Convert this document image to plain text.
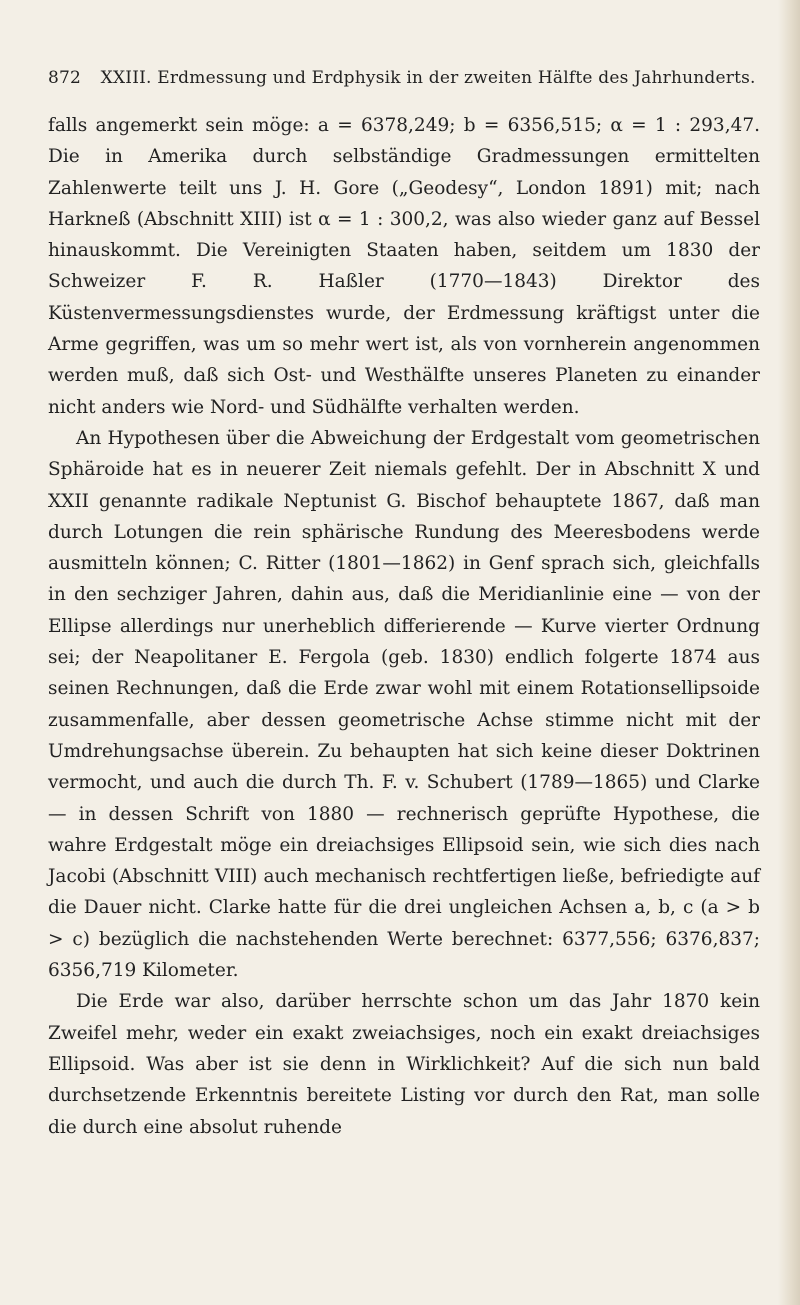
872 XXIII. Erdmessung und Erdphysik in der zweiten Hälfte des Jahrhunderts.

falls angemerkt sein möge: a = 6378,249; b = 6356,515; α = 1 : 293,47. Die in Amerika durch selbständige Gradmessungen ermittelten Zahlenwerte teilt uns J. H. Gore („Geodesy“, London 1891) mit; nach Harkneß (Abschnitt XIII) ist α = 1 : 300,2, was also wieder ganz auf Bessel hinauskommt. Die Vereinigten Staaten haben, seitdem um 1830 der Schweizer F. R. Haßler (1770—1843) Direktor des Küstenvermessungsdienstes wurde, der Erdmessung kräftigst unter die Arme gegriffen, was um so mehr wert ist, als von vornherein angenommen werden muß, daß sich Ost- und Westhälfte unseres Planeten zu einander nicht anders wie Nord- und Südhälfte verhalten werden.

An Hypothesen über die Abweichung der Erdgestalt vom geometrischen Sphäroide hat es in neuerer Zeit niemals gefehlt. Der in Abschnitt X und XXII genannte radikale Neptunist G. Bischof behauptete 1867, daß man durch Lotungen die rein sphärische Rundung des Meeresbodens werde ausmitteln können; C. Ritter (1801—1862) in Genf sprach sich, gleichfalls in den sechziger Jahren, dahin aus, daß die Meridianlinie eine — von der Ellipse allerdings nur unerheblich differierende — Kurve vierter Ordnung sei; der Neapolitaner E. Fergola (geb. 1830) endlich folgerte 1874 aus seinen Rechnungen, daß die Erde zwar wohl mit einem Rotationsellipsoide zusammenfalle, aber dessen geometrische Achse stimme nicht mit der Umdrehungsachse überein. Zu behaupten hat sich keine dieser Doktrinen vermocht, und auch die durch Th. F. v. Schubert (1789—1865) und Clarke — in dessen Schrift von 1880 — rechnerisch geprüfte Hypothese, die wahre Erdgestalt möge ein dreiachsiges Ellipsoid sein, wie sich dies nach Jacobi (Abschnitt VIII) auch mechanisch rechtfertigen ließe, befriedigte auf die Dauer nicht. Clarke hatte für die drei ungleichen Achsen a, b, c (a > b > c) bezüglich die nachstehenden Werte berechnet: 6377,556; 6376,837; 6356,719 Kilometer.

Die Erde war also, darüber herrschte schon um das Jahr 1870 kein Zweifel mehr, weder ein exakt zweiachsiges, noch ein exakt dreiachsiges Ellipsoid. Was aber ist sie denn in Wirklichkeit? Auf die sich nun bald durchsetzende Erkenntnis bereitete Listing vor durch den Rat, man solle die durch eine absolut ruhende
